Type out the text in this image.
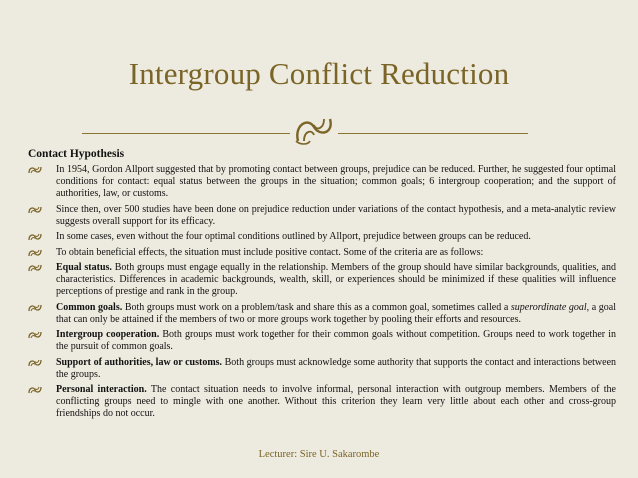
Intergroup Conflict Reduction
Contact Hypothesis
In 1954, Gordon Allport suggested that by promoting contact between groups, prejudice can be reduced. Further, he suggested four optimal conditions for contact: equal status between the groups in the situation; common goals; 6 intergroup cooperation; and the support of authorities, law, or customs.
Since then, over 500 studies have been done on prejudice reduction under variations of the contact hypothesis, and a meta-analytic review suggests overall support for its efficacy.
In some cases, even without the four optimal conditions outlined by Allport, prejudice between groups can be reduced.
To obtain beneficial effects, the situation must include positive contact. Some of the criteria are as follows:
Equal status. Both groups must engage equally in the relationship. Members of the group should have similar backgrounds, qualities, and characteristics. Differences in academic backgrounds, wealth, skill, or experiences should be minimized if these qualities will influence perceptions of prestige and rank in the group.
Common goals. Both groups must work on a problem/task and share this as a common goal, sometimes called a superordinate goal, a goal that can only be attained if the members of two or more groups work together by pooling their efforts and resources.
Intergroup cooperation. Both groups must work together for their common goals without competition. Groups need to work together in the pursuit of common goals.
Support of authorities, law or customs. Both groups must acknowledge some authority that supports the contact and interactions between the groups.
Personal interaction. The contact situation needs to involve informal, personal interaction with outgroup members. Members of the conflicting groups need to mingle with one another. Without this criterion they learn very little about each other and cross-group friendships do not occur.
Lecturer: Sire U. Sakarombe
